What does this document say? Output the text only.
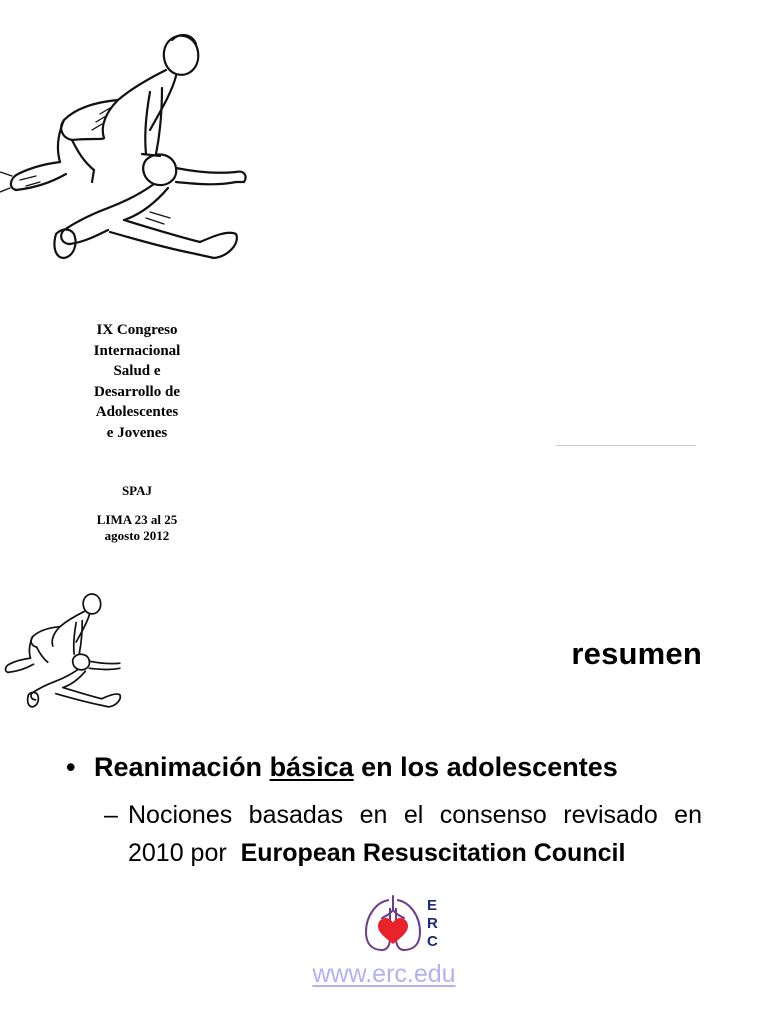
IX Congreso
Internacional
Salud e
Desarrollo de
Adolescentes
e Jovenes
SPAJ
LIMA 23 al 25
agosto 2012
resumen
• Reanimación básica en los adolescentes
– Nociones basadas en el consenso revisado en 2010 por European Resuscitation Council
E
R
C
www.erc.edu
